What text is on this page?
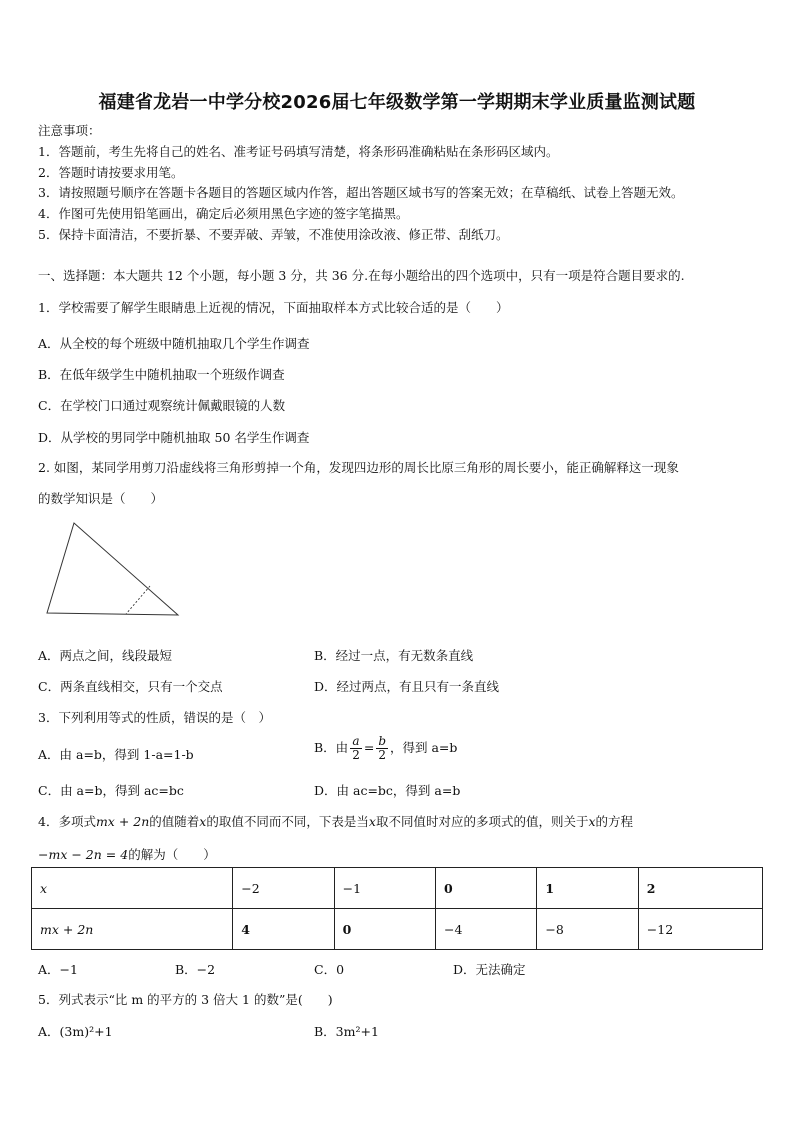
福建省龙岩一中学分校2026届七年级数学第一学期期末学业质量监测试题
注意事项：
1．答题前，考生先将自己的姓名、准考证号码填写清楚，将条形码准确粘贴在条形码区域内。
2．答题时请按要求用笔。
3．请按照题号顺序在答题卡各题目的答题区域内作答，超出答题区域书写的答案无效；在草稿纸、试卷上答题无效。
4．作图可先使用铅笔画出，确定后必须用黑色字迹的签字笔描黑。
5．保持卡面清洁，不要折暴、不要弄破、弄皱，不准使用涂改液、修正带、刮纸刀。
一、选择题：本大题共 12 个小题，每小题 3 分，共 36 分.在每小题给出的四个选项中，只有一项是符合题目要求的.
1．学校需要了解学生眼睛患上近视的情况，下面抽取样本方式比较合适的是（　　）
A．从全校的每个班级中随机抽取几个学生作调查
B．在低年级学生中随机抽取一个班级作调查
C．在学校门口通过观察统计佩戴眼镜的人数
D．从学校的男同学中随机抽取 50 名学生作调查
2. 如图，某同学用剪刀沿虚线将三角形剪掉一个角，发现四边形的周长比原三角形的周长要小，能正确解释这一现象
的数学知识是（　　）
A．两点之间，线段最短	B．经过一点，有无数条直线
C．两条直线相交，只有一个交点	D．经过两点，有且只有一条直线
3．下列利用等式的性质，错误的是（　）
A．由 a=b，得到 1-a=1-b	B．由 $\frac{a}{2} = \frac{b}{2}$ ，得到 a=b
C．由 a=b，得到 ac=bc	D．由 ac=bc，得到 a=b
4．多项式mx + 2n的值随着x的取值不同而不同，下表是当x取不同值时对应的多项式的值，则关于x的方程
−mx − 2n = 4的解为（　　）
x	−2	−1	0	1	2
mx + 2n	4	0	−4	−8	−12
A．−1	B．−2	C．0	D．无法确定
5．列式表示“比 m 的平方的 3 倍大 1 的数”是(　　)
A．(3m)²+1	B．3m²+1
